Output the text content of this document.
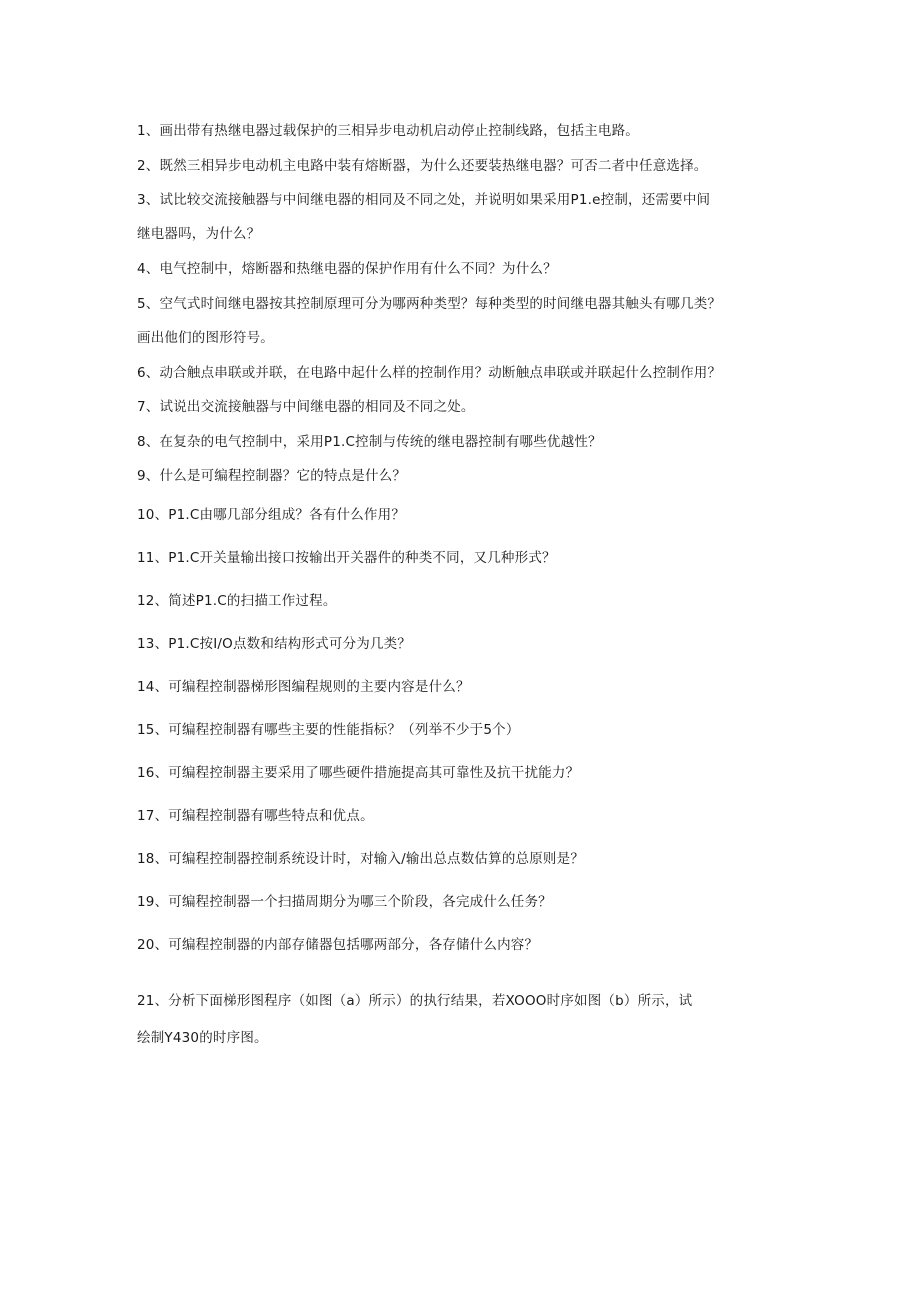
1、画出带有热继电器过载保护的三相异步电动机启动停止控制线路，包括主电路。
2、既然三相异步电动机主电路中装有熔断器，为什么还要装热继电器？可否二者中任意选择。
3、试比较交流接触器与中间继电器的相同及不同之处，并说明如果采用P1.e控制，还需要中间
继电器吗，为什么？
4、电气控制中，熔断器和热继电器的保护作用有什么不同？为什么？
5、空气式时间继电器按其控制原理可分为哪两种类型？每种类型的时间继电器其触头有哪几类？
画出他们的图形符号。
6、动合触点串联或并联，在电路中起什么样的控制作用？动断触点串联或并联起什么控制作用？
7、试说出交流接触器与中间继电器的相同及不同之处。
8、在复杂的电气控制中，采用P1.C控制与传统的继电器控制有哪些优越性？
9、什么是可编程控制器？它的特点是什么？
10、P1.C由哪几部分组成？各有什么作用？
11、P1.C开关量输出接口按输出开关器件的种类不同，又几种形式？
12、简述P1.C的扫描工作过程。
13、P1.C按I/O点数和结构形式可分为几类？
14、可编程控制器梯形图编程规则的主要内容是什么？
15、可编程控制器有哪些主要的性能指标？（列举不少于5个）
16、可编程控制器主要采用了哪些硬件措施提高其可靠性及抗干扰能力？
17、可编程控制器有哪些特点和优点。
18、可编程控制器控制系统设计时，对输入/输出总点数估算的总原则是？
19、可编程控制器一个扫描周期分为哪三个阶段，各完成什么任务？
20、可编程控制器的内部存储器包括哪两部分，各存储什么内容？
21、分析下面梯形图程序（如图（a）所示）的执行结果，若XOOO时序如图（b）所示，试
绘制Y430的时序图。
